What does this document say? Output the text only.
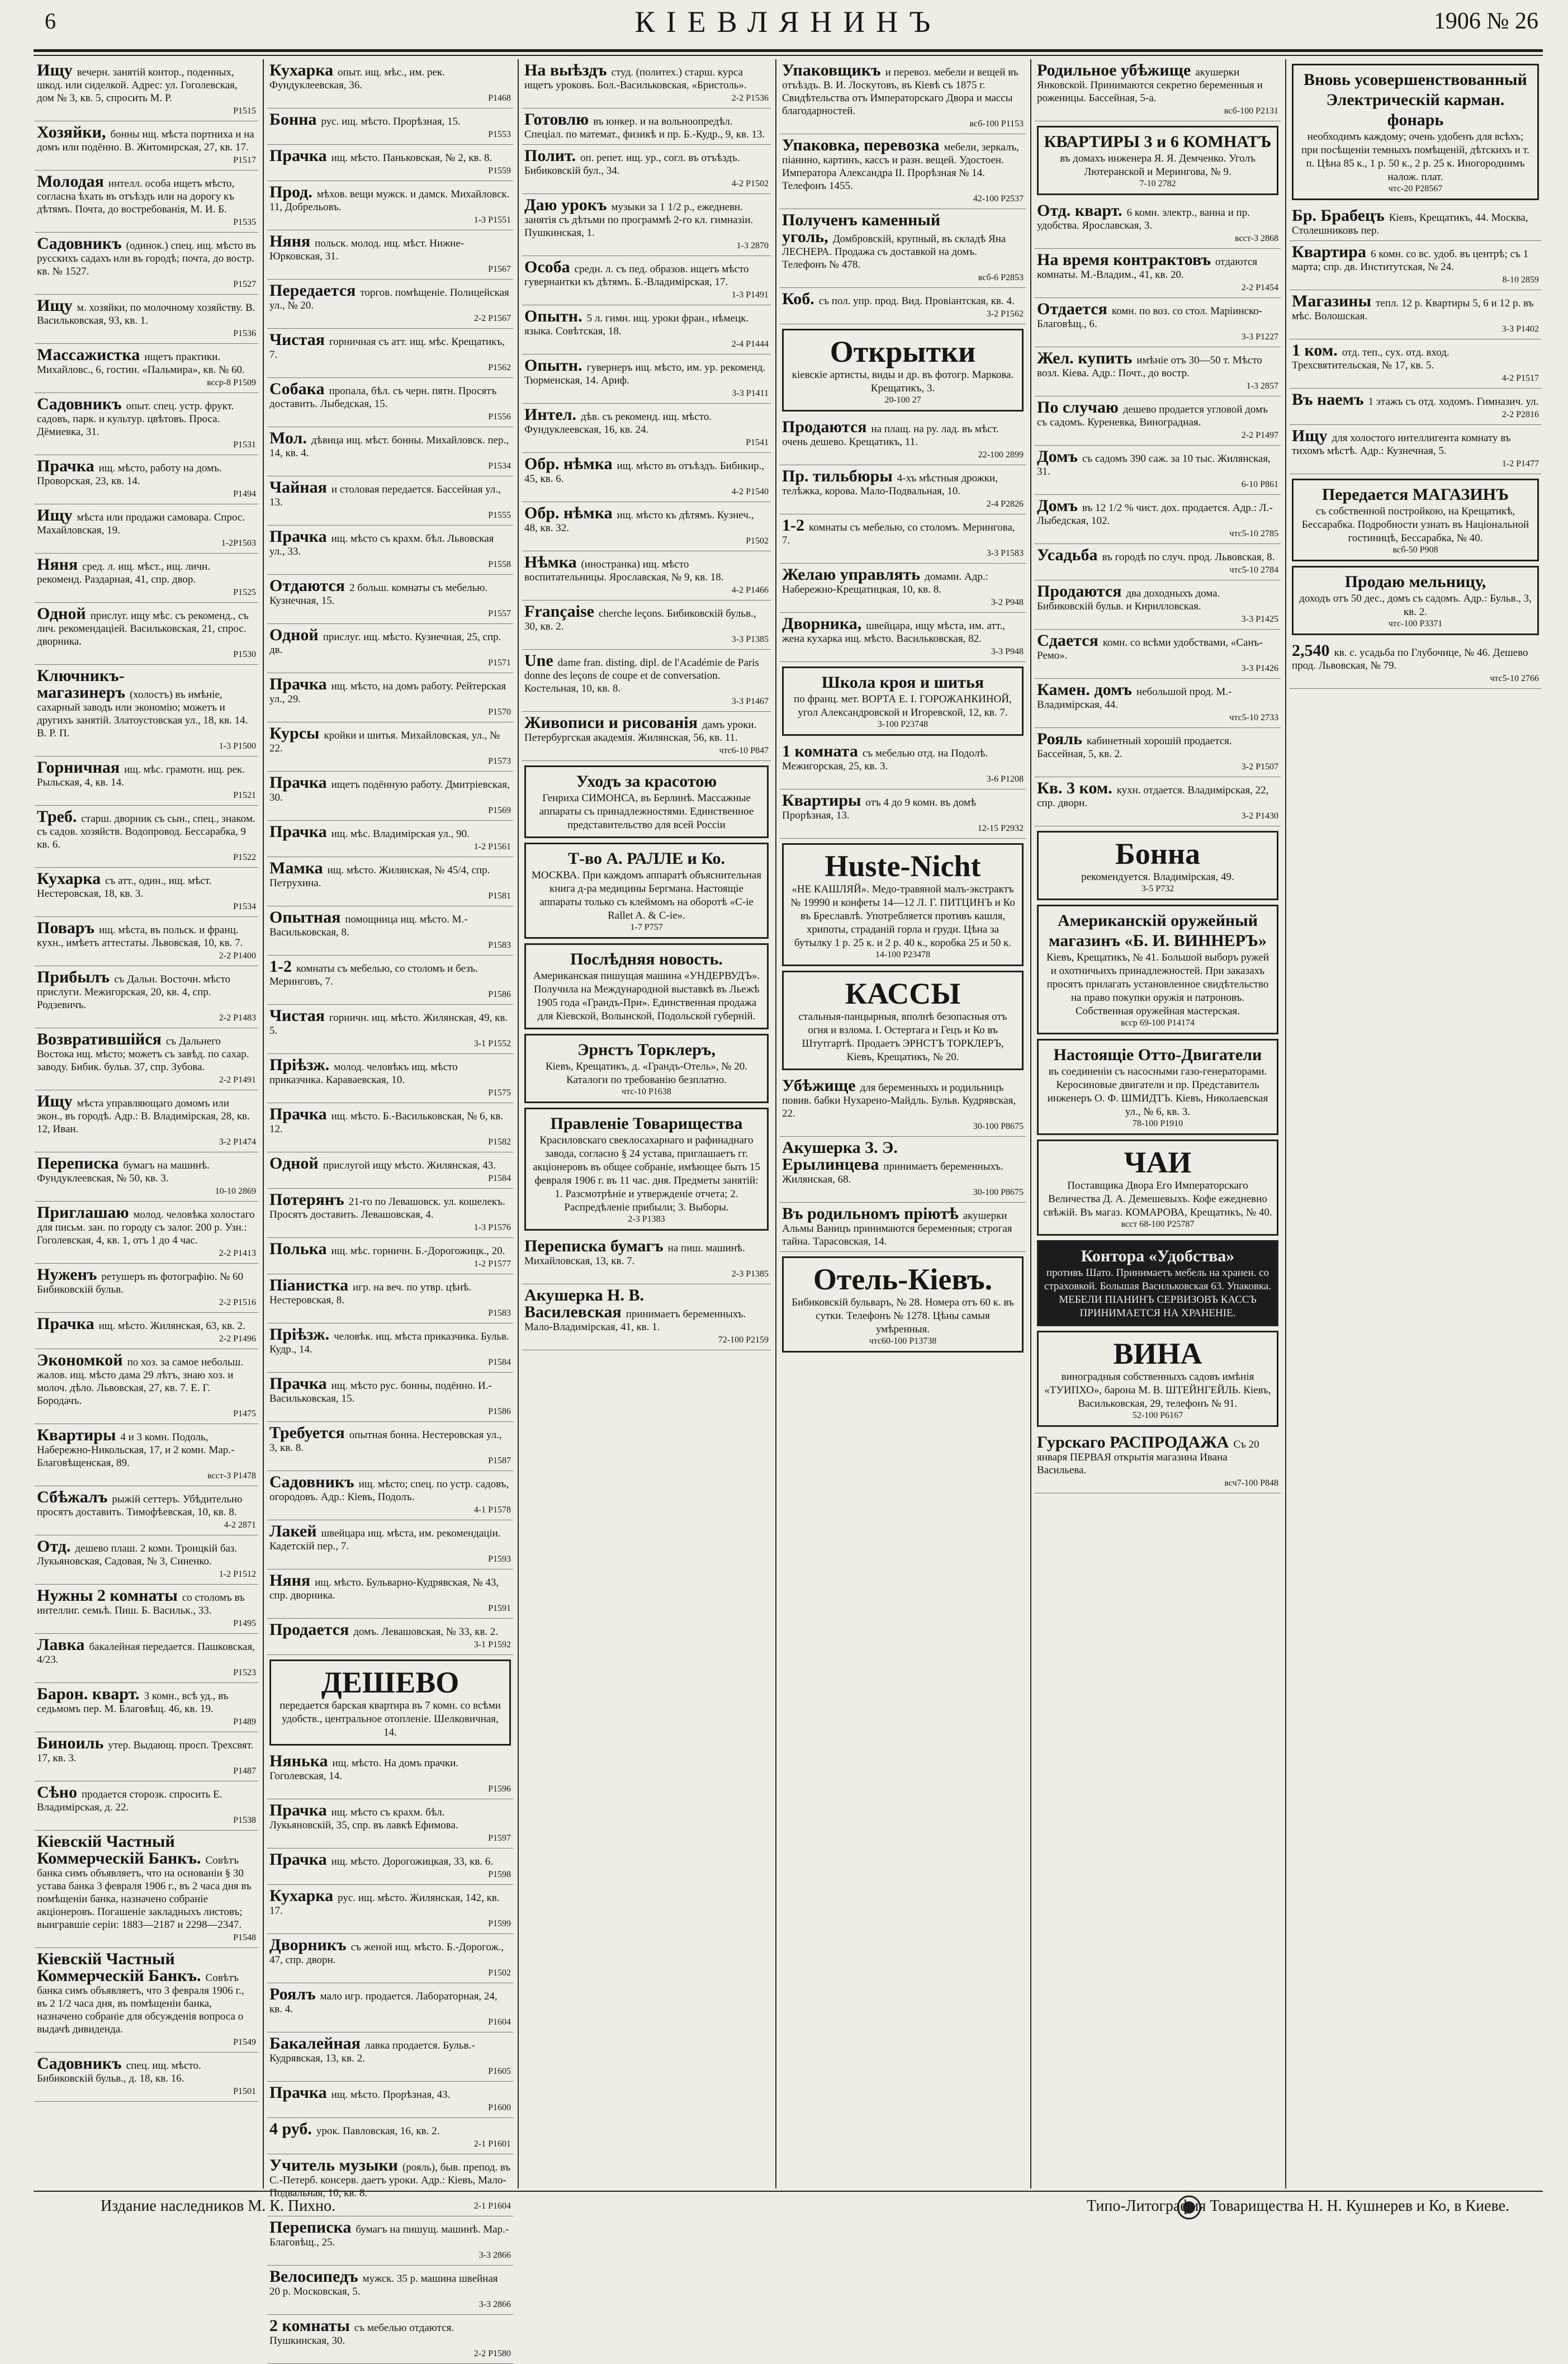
6	КІЕВЛЯНИНЪ	1906 № 26
Ищу вечерн. занятій контор., поденных, шкод. или сиделкой. Адрес: ул. Гоголевская, дом № 3, кв. 5, спросить М. Р.
Р1515
Хозяйки, бонны ищ. мѣста портниха и на домъ или подённо. В. Житомирская, 27, кв. 17.
Р1517
Молодая интелл. особа ищетъ мѣсто, согласна ѣхать въ отъѣздъ или на дорогу къ дѣтямъ. Почта, до востребованія, М. И. Б.
Р1535
Садовникъ (одинок.) спец. ищ. мѣсто въ русскихъ садахъ или въ городѣ; почта, до востр. кв. № 1527.
Р1527
Ищу м. хозяйки, по молочному хозяйству. В. Васильковская, 93, кв. 1.
Р1536
Массажистка ищетъ практики. Михайловс., 6, гостин. «Пальмира», кв. № 60.
всср-8 Р1509
Садовникъ опыт. спец. устр. фрукт. садовъ, парк. и культур. цвѣтовъ. Проса. Дёмиевка, 31.
Р1531
Прачка ищ. мѣсто, работу на домъ. Провоpская, 23, кв. 14.
Р1494
Ищу мѣста или продажи самовара. Спрос. Махайловская, 19.
1-2Р1503
Няня сред. л. ищ. мѣст., ищ. личн. рекоменд. Раздарная, 41, спр. двор.
Р1525
Одной прислуг. ищу мѣс. съ рекоменд., съ лич. рекомендаціей. Васильковская, 21, спрос. дворника.
Р1530
Ключникъ-магазинеръ (холостъ) въ имѣніе, сахарный заводъ или экономію; можетъ и другихъ занятій. Златоустовская ул., 18, кв. 14. В. Р. П.
1-3 Р1500
Горничная ищ. мѣс. грамотн. ищ. рек. Рыльская, 4, кв. 14.
Р1521
Треб. старш. дворник съ сын., спец., знаком. съ садов. хозяйств. Водопровод. Бессарабка, 9 кв. 6.
Р1522
Кухарка съ атт., один., ищ. мѣст. Нестеровская, 18, кв. 3.
Р1534
Поваръ ищ. мѣста, въ польск. и франц. кухн., имѣетъ аттестаты. Львовская, 10, кв. 7.
2-2 Р1400
Прибылъ съ Дальн. Восточн. мѣсто прислуги. Межигорская, 20, кв. 4, спр. Родзевичъ.
2-2 Р1483
Возвратившійся съ Дальнего Востока ищ. мѣсто; можетъ съ завѣд. по сахар. заводу. Бибик. бульв. 37, спр. Зубова.
2-2 Р1491
Ищу мѣста управляющаго домомъ или экон., въ городѣ. Адр.: В. Владимірская, 28, кв. 12, Иван.
3-2 Р1474
Переписка бумагъ на машинѣ. Фундуклеевская, № 50, кв. 3.
10-10 2869
Приглашаю молод. человѣка холостаго для письм. зан. по городу съ залог. 200 р. Узн.: Гоголевская, 4, кв. 1, отъ 1 до 4 час.
2-2 Р1413
Нуженъ ретушеръ въ фотографію. № 60 Бибиковскій бульв.
2-2 Р1516
Прачка ищ. мѣсто. Жилянская, 63, кв. 2.
2-2 Р1496
Экономкой по хоз. за самое небольш. жалов. ищ. мѣсто дама 29 лѣтъ, знаю хоз. и молоч. дѣло. Львовская, 27, кв. 7. Е. Г. Бородачъ.
Р1475
Квартиры 4 и 3 комн. Подоль, Набережно-Никольская, 17, и 2 комн. Мар.-Благовѣщенская, 89.
всст-3 Р1478
Сбѣжалъ рыжій сеттеръ. Убѣдительно просятъ доставить. Тимофѣевская, 10, кв. 8.
4-2 2871
Отд. дешево плаш. 2 комн. Троицкій баз. Лукьяновская, Садовая, № 3, Синенко.
1-2 Р1512
Нужны 2 комнаты со столомъ въ интеллиг. семьѣ. Пиш. Б. Васильк., 33.
Р1495
Лавка бакалейная передается. Пашковская, 4/23.
Р1523
Барон. кварт. 3 комн., всѣ уд., въ седьмомъ пер. М. Благовѣщ. 46, кв. 19.
Р1489
Биноиль утер. Выдающ. просп. Трехсвят. 17, кв. 3.
Р1487
Сѣно продается сторозк. спросить Е. Владимірская, д. 22.
Р1538
Кіевскій Частный Коммерческій Банкъ. Совѣтъ банка симъ объявляетъ, что на основаніи § 30 устава банка 3 февраля 1906 г., въ 2 часа дня въ помѣщеніи банка, назначено собраніе акціонеровъ. Погашеніе закладныхъ листовъ; выигравшіе серіи: 1883—2187 и 2298—2347.
Р1548
Кіевскій Частный Коммерческій Банкъ. Совѣтъ банка симъ объявляетъ, что 3 февраля 1906 г., въ 2 1/2 часа дня, въ помѣщеніи банка, назначено собраніе для обсужденія вопроса о выдачѣ дивиденда.
Р1549
Садовникъ спец. ищ. мѣсто. Бибиковскій бульв., д. 18, кв. 16.
Р1501
Кухарка опыт. ищ. мѣс., им. рек. Фундуклеевская, 36.
Р1468
Бонна рус. ищ. мѣсто. Прорѣзная, 15.
Р1553
Прачка ищ. мѣсто. Паньковская, № 2, кв. 8.
Р1559
Прод. мѣхов. вещи мужск. и дамск. Михайловск. 11, Добрельовъ.
1-3 Р1551
Няня польск. молод. ищ. мѣст. Нижне-Юрковская, 31.
Р1567
Передается торгов. помѣщеніе. Полицейская ул., № 20.
2-2 Р1567
Чистая горничная съ атт. ищ. мѣс. Крещатикъ, 7.
Р1562
Собака пропала, бѣл. съ черн. пятн. Просятъ доставить. Лыбедская, 15.
Р1556
Мол. дѣвица ищ. мѣст. бонны. Михайловск. пер., 14, кв. 4.
Р1534
Чайная и столовая передается. Бассейная ул., 13.
Р1555
Прачка ищ. мѣсто съ крахм. бѣл. Львовская ул., 33.
Р1558
Отдаются 2 больш. комнаты съ мебелью. Кузнечная, 15.
Р1557
Одной прислуг. ищ. мѣсто. Кузнечная, 25, спр. дв.
Р1571
Прачка ищ. мѣсто, на домъ работу. Рейтерская ул., 29.
Р1570
Курсы кройки и шитья. Михайловская, ул., № 22.
Р1573
Прачка ищетъ подённую работу. Дмитріевская, 30.
Р1569
Прачка ищ. мѣс. Владимірская ул., 90.
1-2 Р1561
Мамка ищ. мѣсто. Жилянская, № 45/4, спр. Петрухина.
Р1581
Опытная помощница ищ. мѣсто. М.-Васильковская, 8.
Р1583
1-2 комнаты съ мебелью, со столомъ и безъ. Меринговъ, 7.
Р1586
Чистая горничн. ищ. мѣсто. Жилянская, 49, кв. 5.
3-1 Р1552
Пріѣзж. молод. человѣкъ ищ. мѣсто приказчика. Караваевская, 10.
Р1575
Прачка ищ. мѣсто. Б.-Васильковская, № 6, кв. 12.
Р1582
Одной прислугой ищу мѣсто. Жилянская, 43.
Р1584
Потерянъ 21-го по Левашовск. ул. кошелекъ. Просятъ доставить. Левашовская, 4.
1-3 Р1576
Полька ищ. мѣс. горничн. Б.-Дорогожицк., 20.
1-2 Р1577
Піанистка игр. на веч. по утвр. цѣнѣ. Нестеровская, 8.
Р1583
Пріѣзж. человѣк. ищ. мѣста приказчика. Бульв. Кудр., 14.
Р1584
Прачка ищ. мѣсто рус. бонны, подённо. И.-Васильковская, 15.
Р1586
Требуется опытная бонна. Нестеровская ул., 3, кв. 8.
Р1587
Садовникъ ищ. мѣсто; спец. по устр. садовъ, огородовъ. Адр.: Кіевъ, Подолъ.
4-1 Р1578
Лакей швейцара ищ. мѣста, им. рекомендаціи. Кадетскій пер., 7.
Р1593
Няня ищ. мѣсто. Бульварно-Кудрявская, № 43, спр. дворника.
Р1591
Продается домъ. Левашовская, № 33, кв. 2.
3-1 Р1592
ДЕШЕВО
передается барская квартира въ 7 комн. со всѣми удобств., центральное отопленіе. Шелковичная, 14.
Нянька ищ. мѣсто. На домъ прачки. Гоголевская, 14.
Р1596
Прачка ищ. мѣсто съ крахм. бѣл. Лукьяновскій, 35, спр. въ лавкѣ Ефимова.
Р1597
Прачка ищ. мѣсто. Дорогожицкая, 33, кв. 6.
Р1598
Кухарка рус. ищ. мѣсто. Жилянская, 142, кв. 17.
Р1599
Дворникъ съ женой ищ. мѣсто. Б.-Дорогож., 47, спр. дворн.
Р1502
Роялъ мало игр. продается. Лабораторная, 24, кв. 4.
Р1604
Бакалейная лавка продается. Бульв.-Кудрявская, 13, кв. 2.
Р1605
Прачка ищ. мѣсто. Прорѣзная, 43.
Р1600
4 руб. урок. Павловская, 16, кв. 2.
2-1 Р1601
Учитель музыки (рояль), быв. препод. въ С.-Петерб. консерв. даетъ уроки. Адр.: Кіевъ, Мало-Подвальная, 10, кв. 8.
2-1 Р1604
Переписка бумагъ на пишущ. машинѣ. Мар.-Благовѣщ., 25.
3-3 2866
Велосипедъ мужск. 35 р. машина швейная 20 р. Московская, 5.
3-3 2866
2 комнаты съ мебелью отдаются. Пушкинская, 30.
2-2 Р1580
На выѣздъ студ. (политех.) старш. курса ищетъ уроковъ. Бол.-Васильковская, «Бристоль».
2-2 Р1536
Готовлю въ юнкер. и на вольноопредѣл. Спеціал. по математ., физикѣ и пр. Б.-Кудр., 9, кв. 13.
Полит. оп. репет. ищ. ур., согл. въ отъѣздъ. Бибиковскій бул., 34.
4-2 Р1502
Даю урокъ музыки за 1 1/2 р., ежедневн. занятія съ дѣтьми по программѣ 2-го кл. гимназіи. Пушкинская, 1.
1-3 2870
Особа средн. л. съ пед. образов. ищетъ мѣсто гувернантки къ дѣтямъ. Б.-Владимірская, 17.
1-3 Р1491
Опытн. 5 л. гимн. ищ. уроки фран., нѣмецк. языка. Совѣтская, 18.
2-4 Р1444
Опытн. гувернеръ ищ. мѣсто, им. ур. рекоменд. Тюрменская, 14. Ариф.
3-3 Р1411
Интел. дѣв. съ рекоменд. ищ. мѣсто. Фундуклеевская, 16, кв. 24.
Р1541
Обр. нѣмка ищ. мѣсто въ отъѣздъ. Бибикир., 45, кв. 6.
4-2 Р1540
Обр. нѣмка ищ. мѣсто къ дѣтямъ. Кузнеч., 48, кв. 32.
Р1502
Нѣмка (иностранка) ищ. мѣсто воспитательницы. Ярославская, № 9, кв. 18.
4-2 Р1466
Française cherche leçons. Бибиковскій бульв., 30, кв. 2.
3-3 Р1385
Une dame fran. disting. dipl. de l'Académie de Paris donne des leçons de coupe et de conversation. Костельная, 10, кв. 8.
3-3 Р1467
Живописи и рисованія дамъ уроки. Петербургская академія. Жилянская, 56, кв. 11.
чтс6-10 Р847
Уходъ за красотою
Генриха СИМОНСА, въ Берлинѣ. Массажные аппараты съ принадлежностями. Единственное представительство для всей Россіи
Т-во А. РАЛЛЕ и Ко.
МОСКВА. При каждомъ аппаратѣ объяснительная книга д-ра медицины Бергмана. Настоящіе аппараты только съ клеймомъ на оборотѣ «C-ie Rallet A. & C-ie».
1-7 Р757
Послѣдняя новость.
Американская пишущая машина «УНДЕРВУДЪ». Получила на Международной выставкѣ въ Льежѣ 1905 года «Грандъ-При». Единственная продажа для Кіевской, Волынской, Подольской губерній.
Эрнстъ Торклеръ,
Кіевъ, Крещатикъ, д. «Грандъ-Отель», № 20. Каталоги по требованію безплатно.
чтс-10 Р1638
Правленіе Товарищества
Красиловскаго свеклосахарнаго и рафинаднаго завода, согласно § 24 устава, приглашаетъ гг. акціонеровъ въ общее собраніе, имѣющее быть 15 февраля 1906 г. въ 11 час. дня. Предметы занятій: 1. Разсмотрѣніе и утвержденіе отчета; 2. Распредѣленіе прибыли; 3. Выборы.
2-3 Р1383
Переписка бумагъ на пиш. машинѣ. Михайловская, 13, кв. 7.
2-3 Р1385
Акушерка Н. В. Василевская принимаетъ беременныхъ. Мало-Владимірская, 41, кв. 1.
72-100 Р2159
Упаковщикъ и перевоз. мебели и вещей въ отъѣздъ. В. И. Лоскутовъ, въ Кіевѣ съ 1875 г. Свидѣтельства отъ Императорскаго Двора и массы благодарностей.
всб-100 Р1153
Упаковка, перевозка мебели, зеркалъ, піанино, картинъ, кассъ и разн. вещей. Удостоен. Императора Александра II. Прорѣзная № 14. Телефонъ 1455.
42-100 Р2537
Полученъ каменный уголь, Домбровскій, крупный, въ складѣ Яна ЛЕСНЕРА. Продажа съ доставкой на домъ. Телефонъ № 478.
всб-6 Р2853
Коб. съ пол. упр. прод. Вид. Провіантская, кв. 4.
3-2 Р1562
Открытки
кіевскіе артисты, виды и др. въ фотогр. Маркова. Крещатикъ, 3.
20-100 27
Продаются на плащ. на ру. лад. въ мѣст. очень дешево. Крещатикъ, 11.
22-100 2899
Пр. тильбюры 4-хъ мѣстныя дрожки, телѣжка, корова. Мало-Подвальная, 10.
2-4 Р2826
1-2 комнаты съ мебелью, со столомъ. Мерингова, 7.
3-3 Р1583
Желаю управлять домами. Адр.: Набережно-Крещатицкая, 10, кв. 8.
3-2 Р948
Дворника, швейцара, ищу мѣста, им. атт., жена кухарка ищ. мѣсто. Васильковская, 82.
3-3 Р948
Школа кроя и шитья
по франц. мет. ВОРТА Е. І. ГОРОЖАНКИНОЙ, угол Александровской и Игоревской, 12, кв. 7.
3-100 Р23748
1 комната съ мебелью отд. на Подолѣ. Межигорская, 25, кв. 3.
3-6 Р1208
Квартиры отъ 4 до 9 комн. въ домѣ Прорѣзная, 13.
12-15 Р2932
Huste-Nicht
«НЕ КАШЛЯЙ». Медо-травяной малъ-экстрактъ № 19990 и конфеты 14—12 Л. Г. ПИТЦИНЪ и Ко въ Бреславлѣ. Употребляется противъ кашля, хрипоты, страданій горла и груди. Цѣна за бутылку 1 р. 25 к. и 2 р. 40 к., коробка 25 и 50 к.
14-100 Р23478
КАССЫ
стальныя-панцырныя, вполнѣ безопасныя отъ огня и взлома. I. Остертага и Гецъ и Ко въ Штутгартѣ. Продаетъ ЭРНСТЪ ТОРКЛЕРЪ, Кіевъ, Крещатикъ, № 20.
Убѣжище для беременныхъ и родильницъ повив. бабки Нухарено-Майдль. Бульв. Кудрявская, 22.
30-100 Р8675
Акушерка З. Э. Ерылинцева принимаетъ беременныхъ. Жилянская, 68.
30-100 Р8675
Въ родильномъ пріютѣ акушерки Альмы Ваницъ принимаются беременныя; строгая тайна. Тарасовская, 14.
Отель-Кіевъ.
Бибиковскій бульваръ, № 28. Номера отъ 60 к. въ сутки. Телефонъ № 1278. Цѣны самыя умѣренныя.
чтс60-100 Р13738
Родильное убѣжище акушерки Янковской. Принимаются секретно беременныя и роженицы. Бассейная, 5-а.
всб-100 Р2131
КВАРТИРЫ 3 и 6 КОМНАТЪ
въ домахъ инженера Я. Я. Демченко. Уголъ Лютеранской и Мерингова, № 9.
7-10 2782
Отд. кварт. 6 комн. электр., ванна и пр. удобства. Ярославская, 3.
всст-3 2868
На время контрактовъ отдаются комнаты. М.-Владим., 41, кв. 20.
2-2 Р1454
Отдается комн. по воз. со стол. Маріинско-Благовѣщ., 6.
3-3 Р1227
Жел. купить имѣніе отъ 30—50 т. Мѣсто возл. Кіева. Адр.: Почт., до востр.
1-3 2857
По случаю дешево продается угловой домъ съ садомъ. Куреневка, Виноградная.
2-2 Р1497
Домъ съ садомъ 390 саж. за 10 тыс. Жилянская, 31.
6-10 Р861
Домъ въ 12 1/2 % чист. дох. продается. Адр.: Л.-Лыбедская, 102.
чтс5-10 2785
Усадьба въ городѣ по случ. прод. Львовская, 8.
чтс5-10 2784
Продаются два доходныхъ дома. Бибиковскій бульв. и Кирилловская.
3-3 Р1425
Сдается комн. со всѣми удобствами, «Санъ-Ремо».
3-3 Р1426
Камен. домъ небольшой прод. М.-Владимірская, 44.
чтс5-10 2733
Рояль кабинетный хорошій продается. Бассейная, 5, кв. 2.
3-2 Р1507
Кв. 3 ком. кухн. отдается. Владимірская, 22, спр. дворн.
3-2 Р1430
Бонна
рекомендуется. Владимірская, 49.
3-5 Р732
Американскій оружейный магазинъ «Б. И. ВИННЕРЪ»
Кіевъ, Крещатикъ, № 41. Большой выборъ ружей и охотничьихъ принадлежностей. При заказахъ просятъ прилагать установленное свидѣтельство на право покупки оружія и патроновъ. Собственная оружейная мастерская.
всср 69-100 Р14174
Настоящіе Отто-Двигатели
въ соединеніи съ насосными газо-генераторами. Керосиновые двигатели и пр. Представитель инженеръ О. Ф. ШМИДТЪ. Кіевъ, Николаевская ул., № 6, кв. 3.
78-100 Р1910
ЧАИ
Поставщика Двора Его Императорскаго Величества Д. А. Демешевыхъ. Кофе ежедневно свѣжій. Въ магаз. КОМАРОВА, Крещатикъ, № 40.
всст 68-100 Р25787
Контора «Удобства»
противъ Шато. Принимаетъ мебель на хранен. со страховкой. Большая Васильковская 63. Упаковка. МЕБЕЛИ ПІАНИНЪ СЕРВИЗОВЪ КАССЪ ПРИНИМАЕТСЯ НА ХРАНЕНІЕ.
ВИНА
виноградныя собственныхъ садовъ имѣнія «ТУИПХО», барона М. В. ШТЕЙНГЕЙЛЬ. Кіевъ, Васильковская, 29, телефонъ № 91.
52-100 Р6167
Гурскаго РАСПРОДАЖА Съ 20 января ПЕРВАЯ открытія магазина Ивана Васильева.
всч7-100 Р848
Вновь усовершенствованный Электрическій карман. фонарь
необходимъ каждому; очень удобенъ для всѣхъ; при посѣщеніи темныхъ помѣщеній, дѣтскихъ и т. п. Цѣна 85 к., 1 р. 50 к., 2 р. 25 к. Иногороднимъ налож. плат.
чтс-20 Р28567
Бр. Брабецъ Кіевъ, Крещатикъ, 44. Москва, Столешниковъ пер.
Квартира 6 комн. со вс. удоб. въ центрѣ; съ 1 марта; спр. дв. Институтская, № 24.
8-10 2859
Магазины тепл. 12 р. Квартиры 5, 6 и 12 р. въ мѣс. Волошская.
3-3 Р1402
1 ком. отд. теп., сух. отд. вход. Трехсвятительская, № 17, кв. 5.
4-2 Р1517
Въ наемъ 1 этажъ съ отд. ходомъ. Гимназич. ул.
2-2 Р2816
Ищу для холостого интеллигента комнату въ тихомъ мѣстѣ. Адр.: Кузнечная, 5.
1-2 Р1477
Передается МАГАЗИНЪ
съ собственной постройкою, на Крещатикѣ, Бессарабка. Подробности узнать въ Національной гостиницѣ, Бессарабка, № 40.
всб-50 Р908
Продаю мельницу,
доходъ отъ 50 дес., домъ съ садомъ. Адр.: Бульв., 3, кв. 2.
чтс-100 Р3371
2,540 кв. с. усадьба по Глубочице, № 46. Дешево прод. Львовская, № 79.
чтс5-10 2766
Издание наследников М. К. Пихно.	Типо-Литография Товарищества Н. Н. Кушнерев и Ко, в Киеве.
